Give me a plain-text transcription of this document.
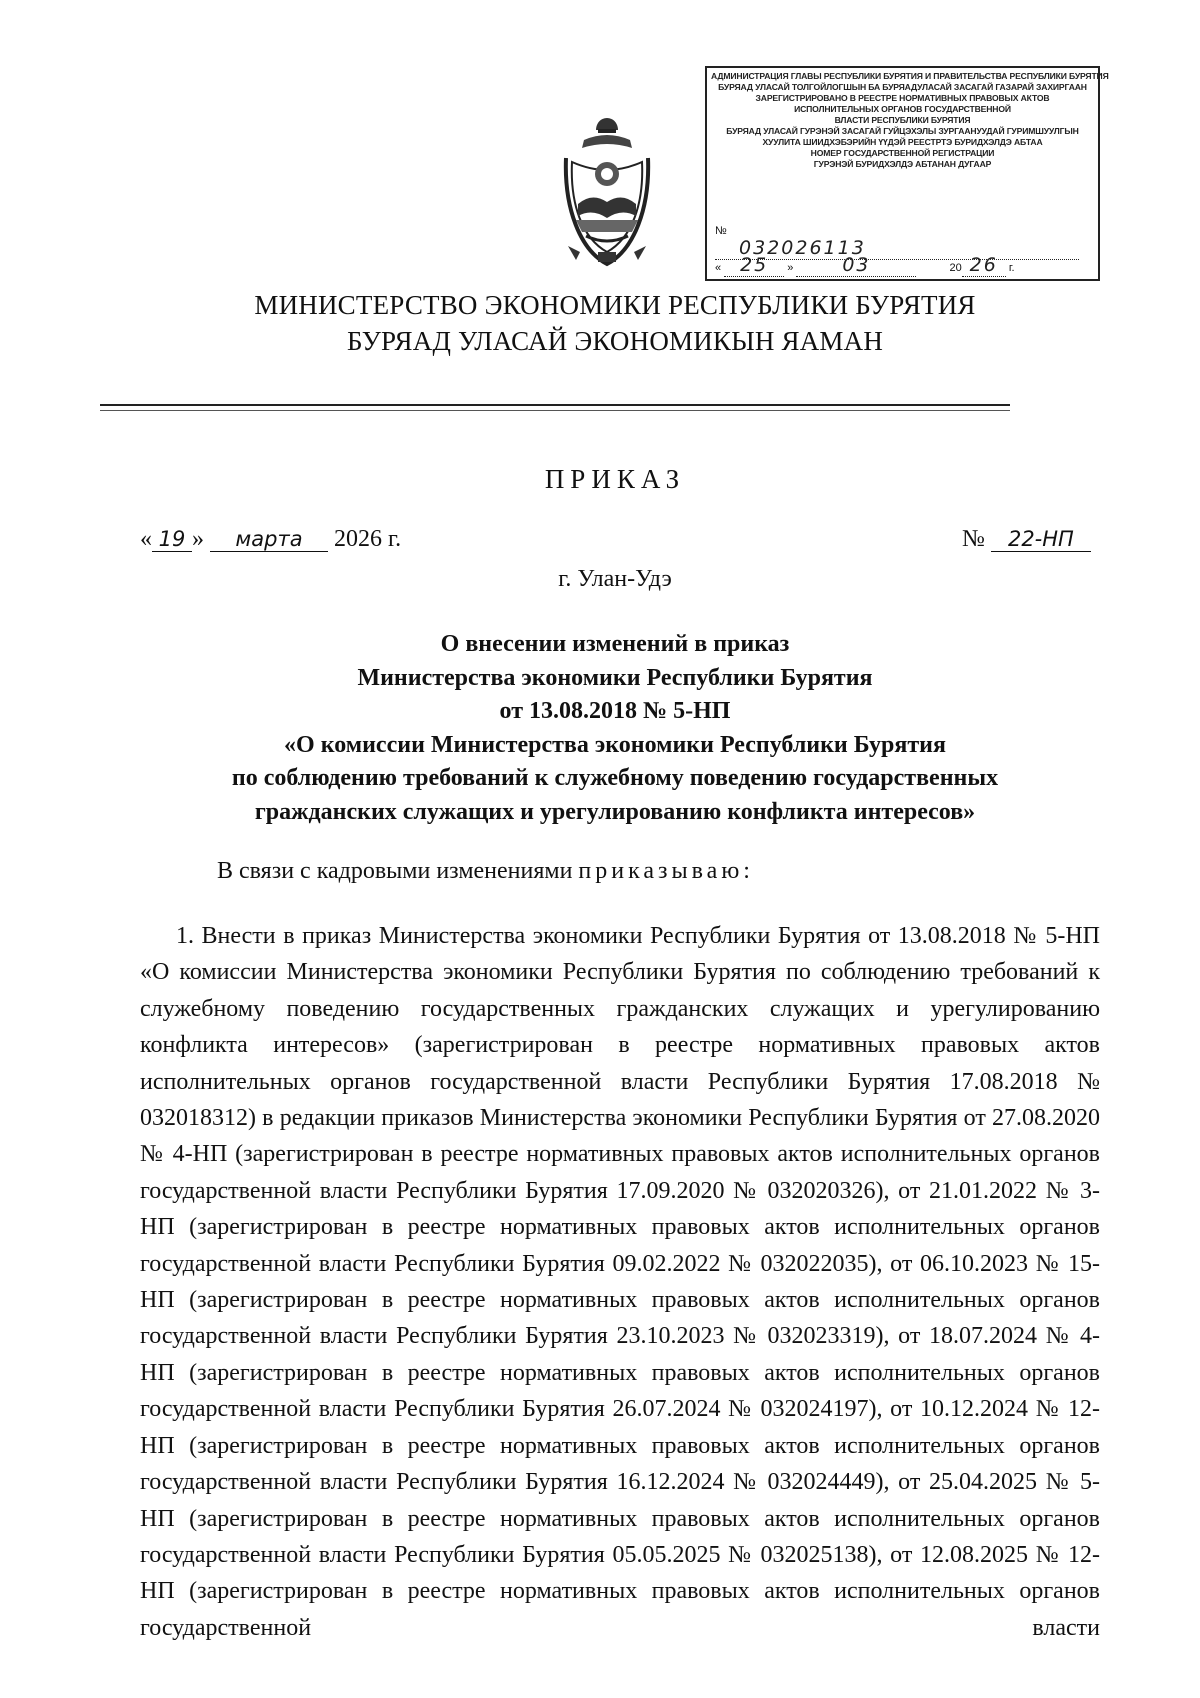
АДМИНИСТРАЦИЯ ГЛАВЫ РЕСПУБЛИКИ БУРЯТИЯ И ПРАВИТЕЛЬСТВА РЕСПУБЛИКИ БУРЯТИЯ
БУРЯАД УЛАСАЙ ТОЛГОЙЛОГШЫН БА БУРЯАДУЛАСАЙ ЗАСАГАЙ ГАЗАРАЙ ЗАХИРГААН
ЗАРЕГИСТРИРОВАНО В РЕЕСТРЕ НОРМАТИВНЫХ ПРАВОВЫХ АКТОВ
ИСПОЛНИТЕЛЬНЫХ ОРГАНОВ ГОСУДАРСТВЕННОЙ
ВЛАСТИ РЕСПУБЛИКИ БУРЯТИЯ
БУРЯАД УЛАСАЙ ГУРЭНЭЙ ЗАСАГАЙ ГУЙЦЭХЭЛЫ ЗУРГААНУУДАЙ ГУРИМШУУЛГЫН
ХУУЛИТА ШИИДХЭБЭРИЙН ҮҮДЭЙ РЕЕСТРТЭ БУРИДХЭЛДЭ АБТАА
НОМЕР ГОСУДАРСТВЕННОЙ РЕГИСТРАЦИИ
ГУРЭНЭЙ БУРИДХЭЛДЭ АБТАНАН ДУГААР
№ 032026113
« 25 »	03	20 26 г.
МИНИСТЕРСТВО ЭКОНОМИКИ РЕСПУБЛИКИ БУРЯТИЯ
БУРЯАД УЛАСАЙ ЭКОНОМИКЫН ЯАМАН
ПРИКАЗ
« 19 » марта 2026 г.	№ 22-НП
г. Улан-Удэ
О внесении изменений в приказ
Министерства экономики Республики Бурятия
от 13.08.2018 № 5-НП
«О комиссии Министерства экономики Республики Бурятия
по соблюдению требований к служебному поведению государственных
гражданских служащих и урегулированию конфликта интересов»
В связи с кадровыми изменениями приказываю:
1. Внести в приказ Министерства экономики Республики Бурятия от 13.08.2018 № 5-НП «О комиссии Министерства экономики Республики Бурятия по соблюдению требований к служебному поведению государственных гражданских служащих и урегулированию конфликта интересов» (зарегистрирован в реестре нормативных правовых актов исполнительных органов государственной власти Республики Бурятия 17.08.2018 № 032018312) в редакции приказов Министерства экономики Республики Бурятия от 27.08.2020 № 4-НП (зарегистрирован в реестре нормативных правовых актов исполнительных органов государственной власти Республики Бурятия 17.09.2020 № 032020326), от 21.01.2022 № 3-НП (зарегистрирован в реестре нормативных правовых актов исполнительных органов государственной власти Республики Бурятия 09.02.2022 № 032022035), от 06.10.2023 № 15-НП (зарегистрирован в реестре нормативных правовых актов исполнительных органов государственной власти Республики Бурятия 23.10.2023 № 032023319), от 18.07.2024 № 4-НП (зарегистрирован в реестре нормативных правовых актов исполнительных органов государственной власти Республики Бурятия 26.07.2024 № 032024197), от 10.12.2024 № 12-НП (зарегистрирован в реестре нормативных правовых актов исполнительных органов государственной власти Республики Бурятия 16.12.2024 № 032024449), от 25.04.2025 № 5-НП (зарегистрирован в реестре нормативных правовых актов исполнительных органов государственной власти Республики Бурятия 05.05.2025 № 032025138), от 12.08.2025 № 12-НП (зарегистрирован в реестре нормативных правовых актов исполнительных органов государственной власти
